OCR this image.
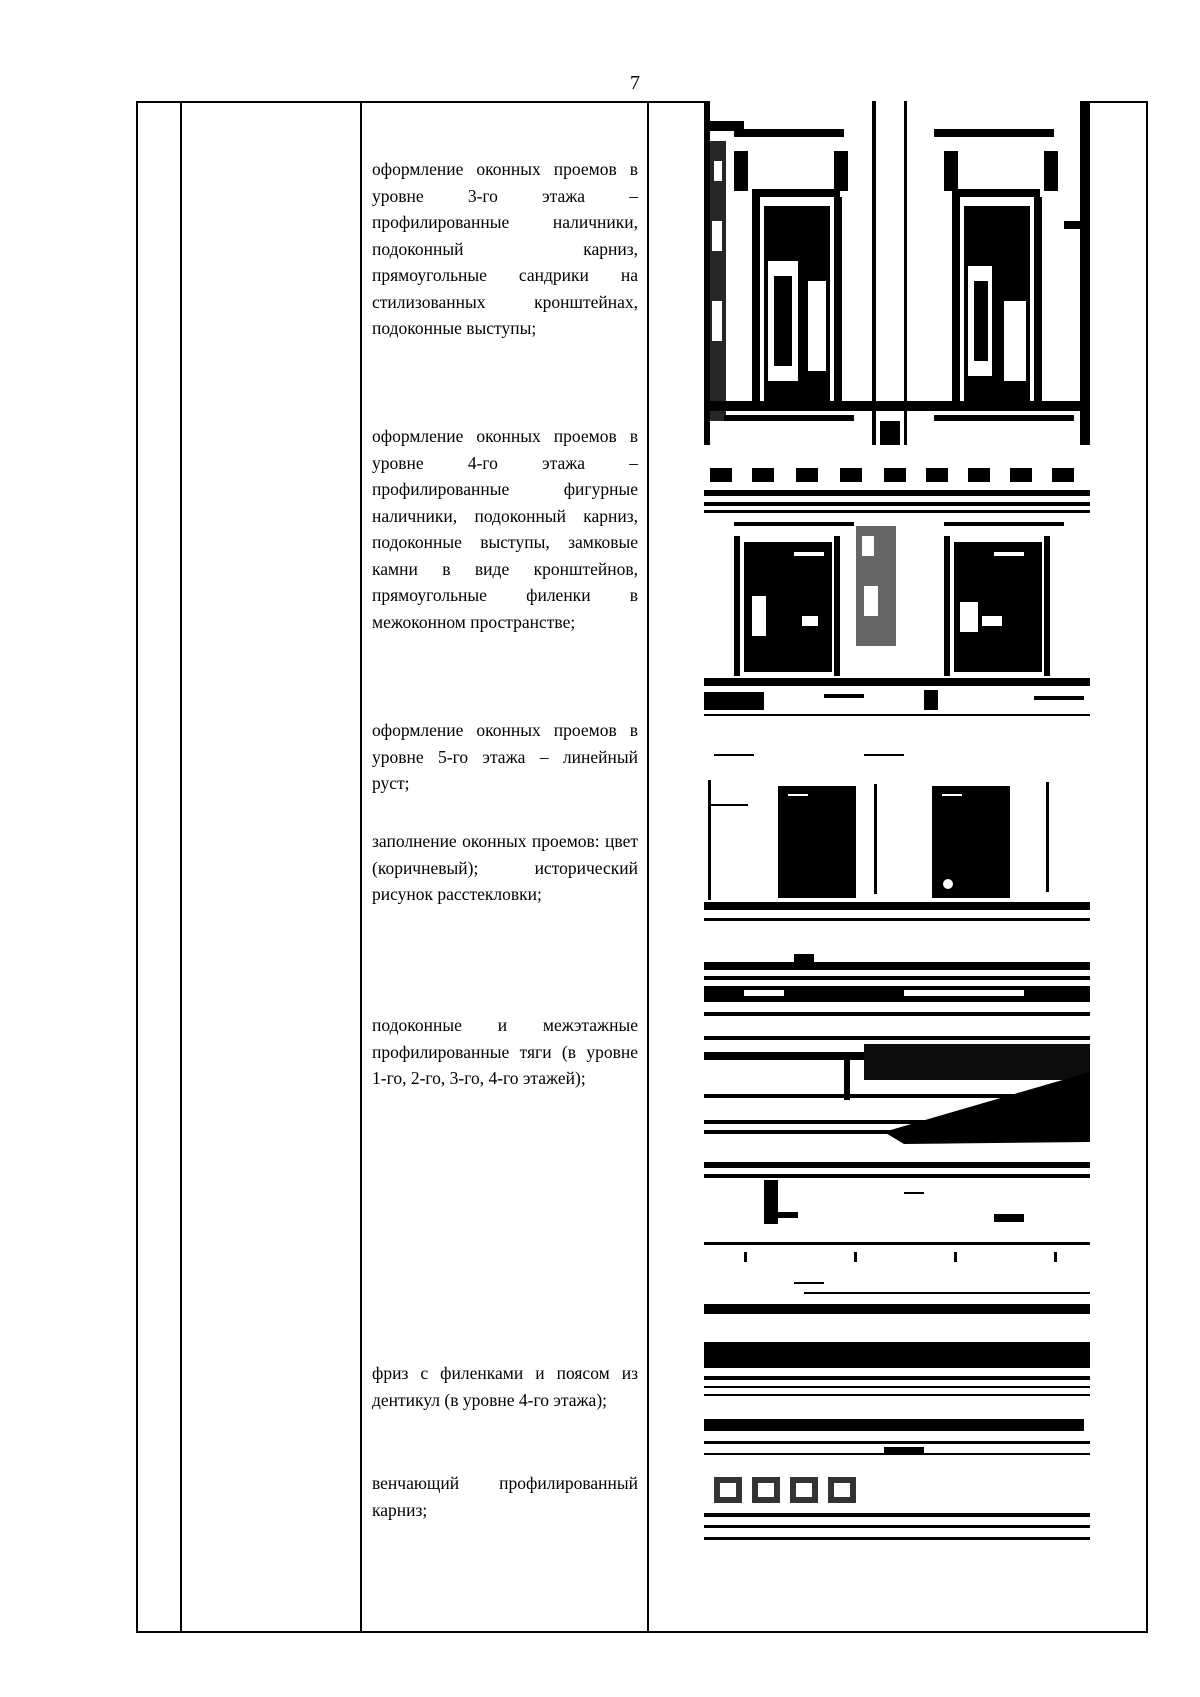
7

оформление оконных проемов в уровне 3-го этажа – профилированные наличники, подоконный карниз, прямоугольные сандрики на стилизованных кронштейнах, подоконные выступы;

оформление оконных проемов в уровне 4-го этажа – профилированные фигурные наличники, подоконный карниз, подоконные выступы, замковые камни в виде кронштейнов, прямоугольные филенки в межоконном пространстве;

оформление оконных проемов в уровне 5-го этажа – линейный руст;

заполнение оконных проемов: цвет (коричневый); исторический рисунок расстекловки;

подоконные и межэтажные профилированные тяги (в уровне 1-го, 2-го, 3-го, 4-го этажей);

фриз с филенками и поясом из дентикул (в уровне 4-го этажа);

венчающий профилированный карниз;
